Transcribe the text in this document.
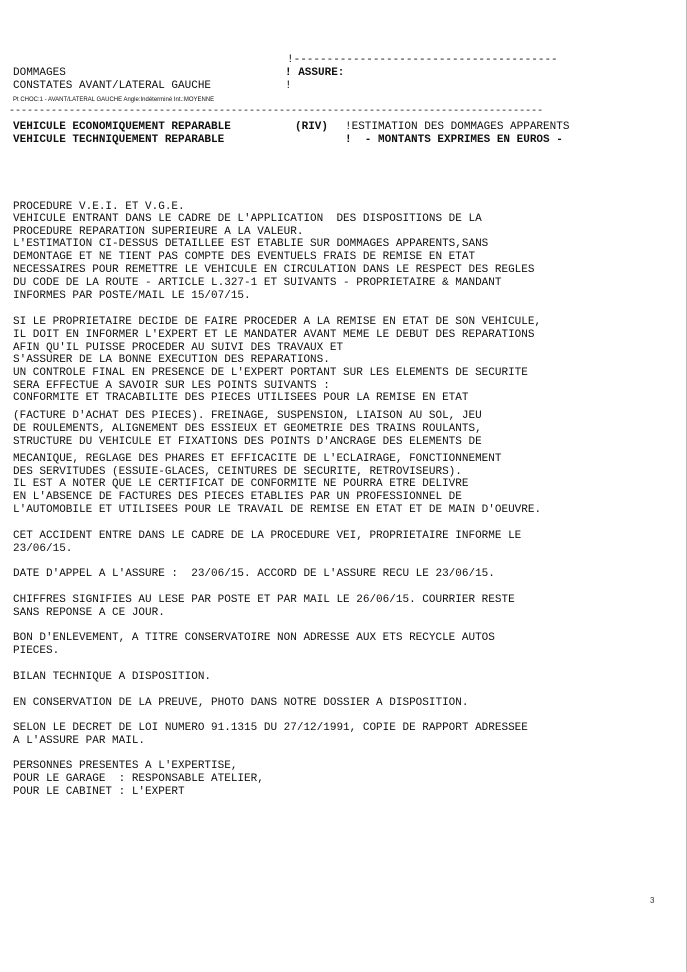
!----------------------------------------
DOMMAGES	! ASSURE:
CONSTATES AVANT/LATERAL GAUCHE	!
Pt CHOC:1 - AVANT/LATERAL GAUCHE Angle:Indéterminé Int.:MOYENNE
-----------------------------------------------------------------------------------------
VEHICULE ECONOMIQUEMENT REPARABLE	(RIV) !ESTIMATION DES DOMMAGES APPARENTS
VEHICULE TECHNIQUEMENT REPARABLE	!  - MONTANTS EXPRIMES EN EUROS -
PROCEDURE V.E.I. ET V.G.E.
VEHICULE ENTRANT DANS LE CADRE DE L'APPLICATION  DES DISPOSITIONS DE LA
PROCEDURE REPARATION SUPERIEURE A LA VALEUR.
L'ESTIMATION CI-DESSUS DETAILLEE EST ETABLIE SUR DOMMAGES APPARENTS,SANS
DEMONTAGE ET NE TIENT PAS COMPTE DES EVENTUELS FRAIS DE REMISE EN ETAT
NECESSAIRES POUR REMETTRE LE VEHICULE EN CIRCULATION DANS LE RESPECT DES REGLES
DU CODE DE LA ROUTE - ARTICLE L.327-1 ET SUIVANTS - PROPRIETAIRE & MANDANT
INFORMES PAR POSTE/MAIL LE 15/07/15.
SI LE PROPRIETAIRE DECIDE DE FAIRE PROCEDER A LA REMISE EN ETAT DE SON VEHICULE,
IL DOIT EN INFORMER L'EXPERT ET LE MANDATER AVANT MEME LE DEBUT DES REPARATIONS
AFIN QU'IL PUISSE PROCEDER AU SUIVI DES TRAVAUX ET
S'ASSURER DE LA BONNE EXECUTION DES REPARATIONS.
UN CONTROLE FINAL EN PRESENCE DE L'EXPERT PORTANT SUR LES ELEMENTS DE SECURITE
SERA EFFECTUE A SAVOIR SUR LES POINTS SUIVANTS :
CONFORMITE ET TRACABILITE DES PIECES UTILISEES POUR LA REMISE EN ETAT
(FACTURE D'ACHAT DES PIECES). FREINAGE, SUSPENSION, LIAISON AU SOL, JEU
DE ROULEMENTS, ALIGNEMENT DES ESSIEUX ET GEOMETRIE DES TRAINS ROULANTS,
STRUCTURE DU VEHICULE ET FIXATIONS DES POINTS D'ANCRAGE DES ELEMENTS DE
MECANIQUE, REGLAGE DES PHARES ET EFFICACITE DE L'ECLAIRAGE, FONCTIONNEMENT
DES SERVITUDES (ESSUIE-GLACES, CEINTURES DE SECURITE, RETROVISEURS).
IL EST A NOTER QUE LE CERTIFICAT DE CONFORMITE NE POURRA ETRE DELIVRE
EN L'ABSENCE DE FACTURES DES PIECES ETABLIES PAR UN PROFESSIONNEL DE
L'AUTOMOBILE ET UTILISEES POUR LE TRAVAIL DE REMISE EN ETAT ET DE MAIN D'OEUVRE.
CET ACCIDENT ENTRE DANS LE CADRE DE LA PROCEDURE VEI, PROPRIETAIRE INFORME LE
23/06/15.
DATE D'APPEL A L'ASSURE :  23/06/15. ACCORD DE L'ASSURE RECU LE 23/06/15.
CHIFFRES SIGNIFIES AU LESE PAR POSTE ET PAR MAIL LE 26/06/15. COURRIER RESTE
SANS REPONSE A CE JOUR.
BON D'ENLEVEMENT, A TITRE CONSERVATOIRE NON ADRESSE AUX ETS RECYCLE AUTOS
PIECES.
BILAN TECHNIQUE A DISPOSITION.
EN CONSERVATION DE LA PREUVE, PHOTO DANS NOTRE DOSSIER A DISPOSITION.
SELON LE DECRET DE LOI NUMERO 91.1315 DU 27/12/1991, COPIE DE RAPPORT ADRESSEE
A L'ASSURE PAR MAIL.
PERSONNES PRESENTES A L'EXPERTISE,
POUR LE GARAGE  : RESPONSABLE ATELIER,
POUR LE CABINET : L'EXPERT
3
